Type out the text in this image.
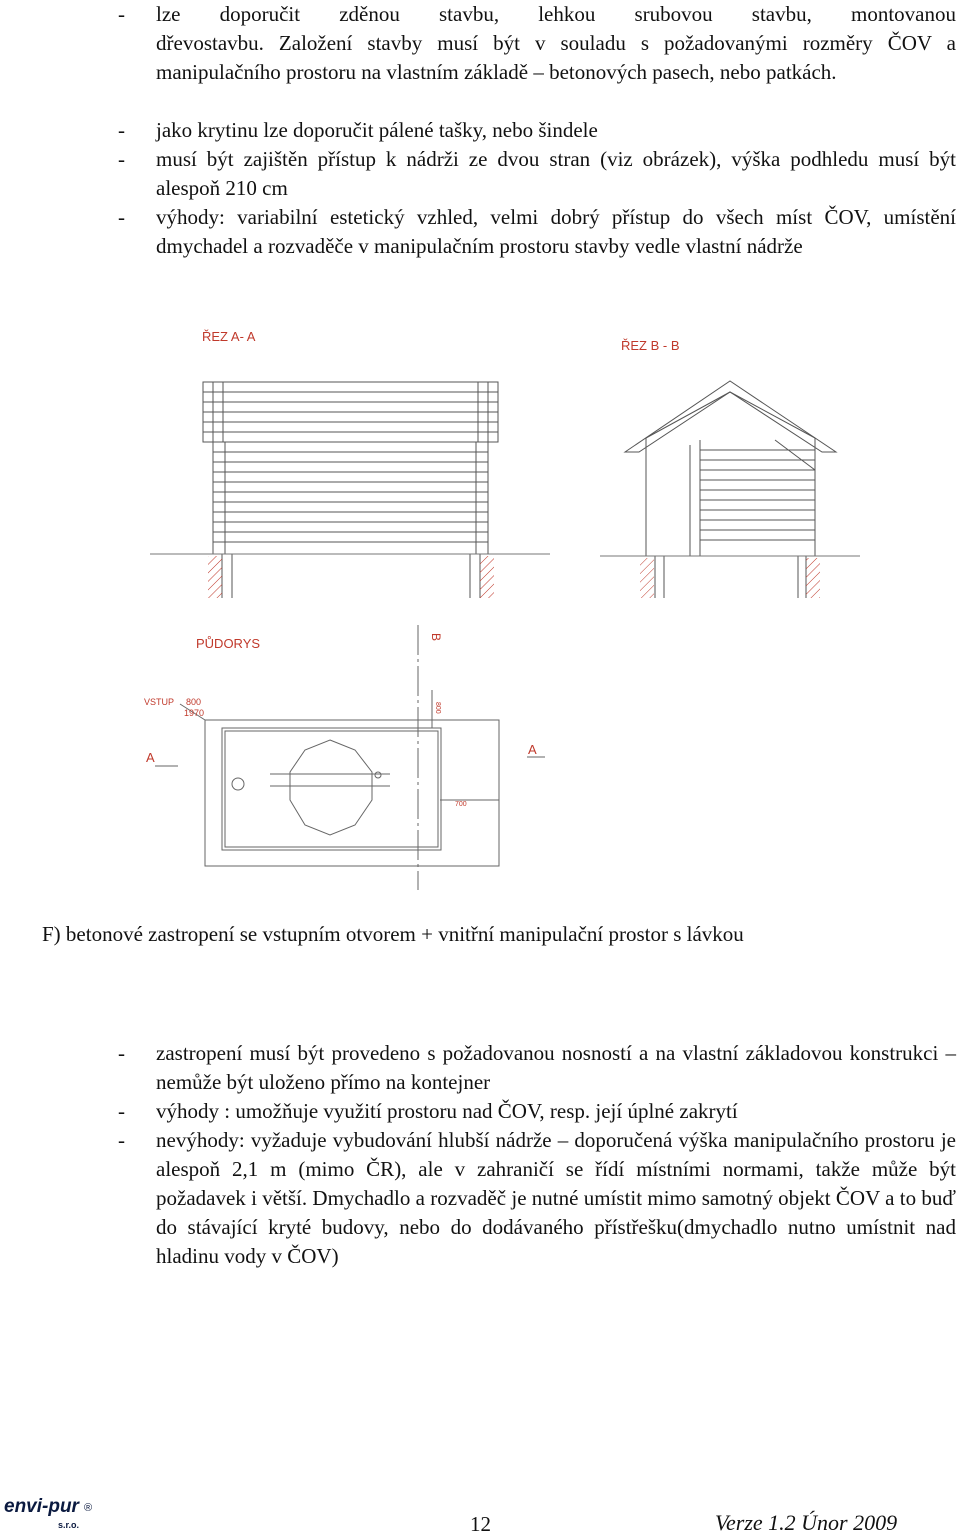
-	lze doporučit zděnou stavbu, lehkou srubovou stavbu, montovanou
dřevostavbu. Založení stavby musí být v souladu s požadovanými rozměry ČOV a manipulačního prostoru na vlastním základě – betonových pasech, nebo patkách.
-	jako krytinu lze doporučit pálené tašky, nebo šindele
-	musí být zajištěn přístup k nádrži ze dvou stran (viz obrázek), výška podhledu musí být alespoň 210 cm
-	výhody: variabilní estetický vzhled, velmi dobrý přístup do všech míst ČOV, umístění dmychadel a rozvaděče v manipulačním prostoru stavby vedle vlastní nádrže
PŮDORYS
ŘEZ A- A
ŘEZ B - B
B
VSTUP 800
1970	800
700
A
A
F) betonové zastropení se vstupním otvorem + vnitřní manipulační prostor s lávkou
-	zastropení musí být provedeno s požadovanou nosností a na vlastní základovou konstrukci – nemůže být uloženo přímo na kontejner
-	výhody : umožňuje využití prostoru nad ČOV, resp. její úplné zakrytí
-	nevýhody: vyžaduje vybudování hlubší nádrže – doporučená výška manipulačního prostoru je alespoň 2,1 m (mimo ČR), ale v zahraničí se řídí místními normami, takže může být požadavek i větší. Dmychadlo a rozvaděč je nutné umístit mimo samotný objekt ČOV a to buď do stávající kryté budovy, nebo do dodávaného přístřešku(dmychadlo nutno umístnit nad hladinu vody v ČOV)
envi-pur ®
s.r.o.	12	Verze 1.2 Únor 2009
